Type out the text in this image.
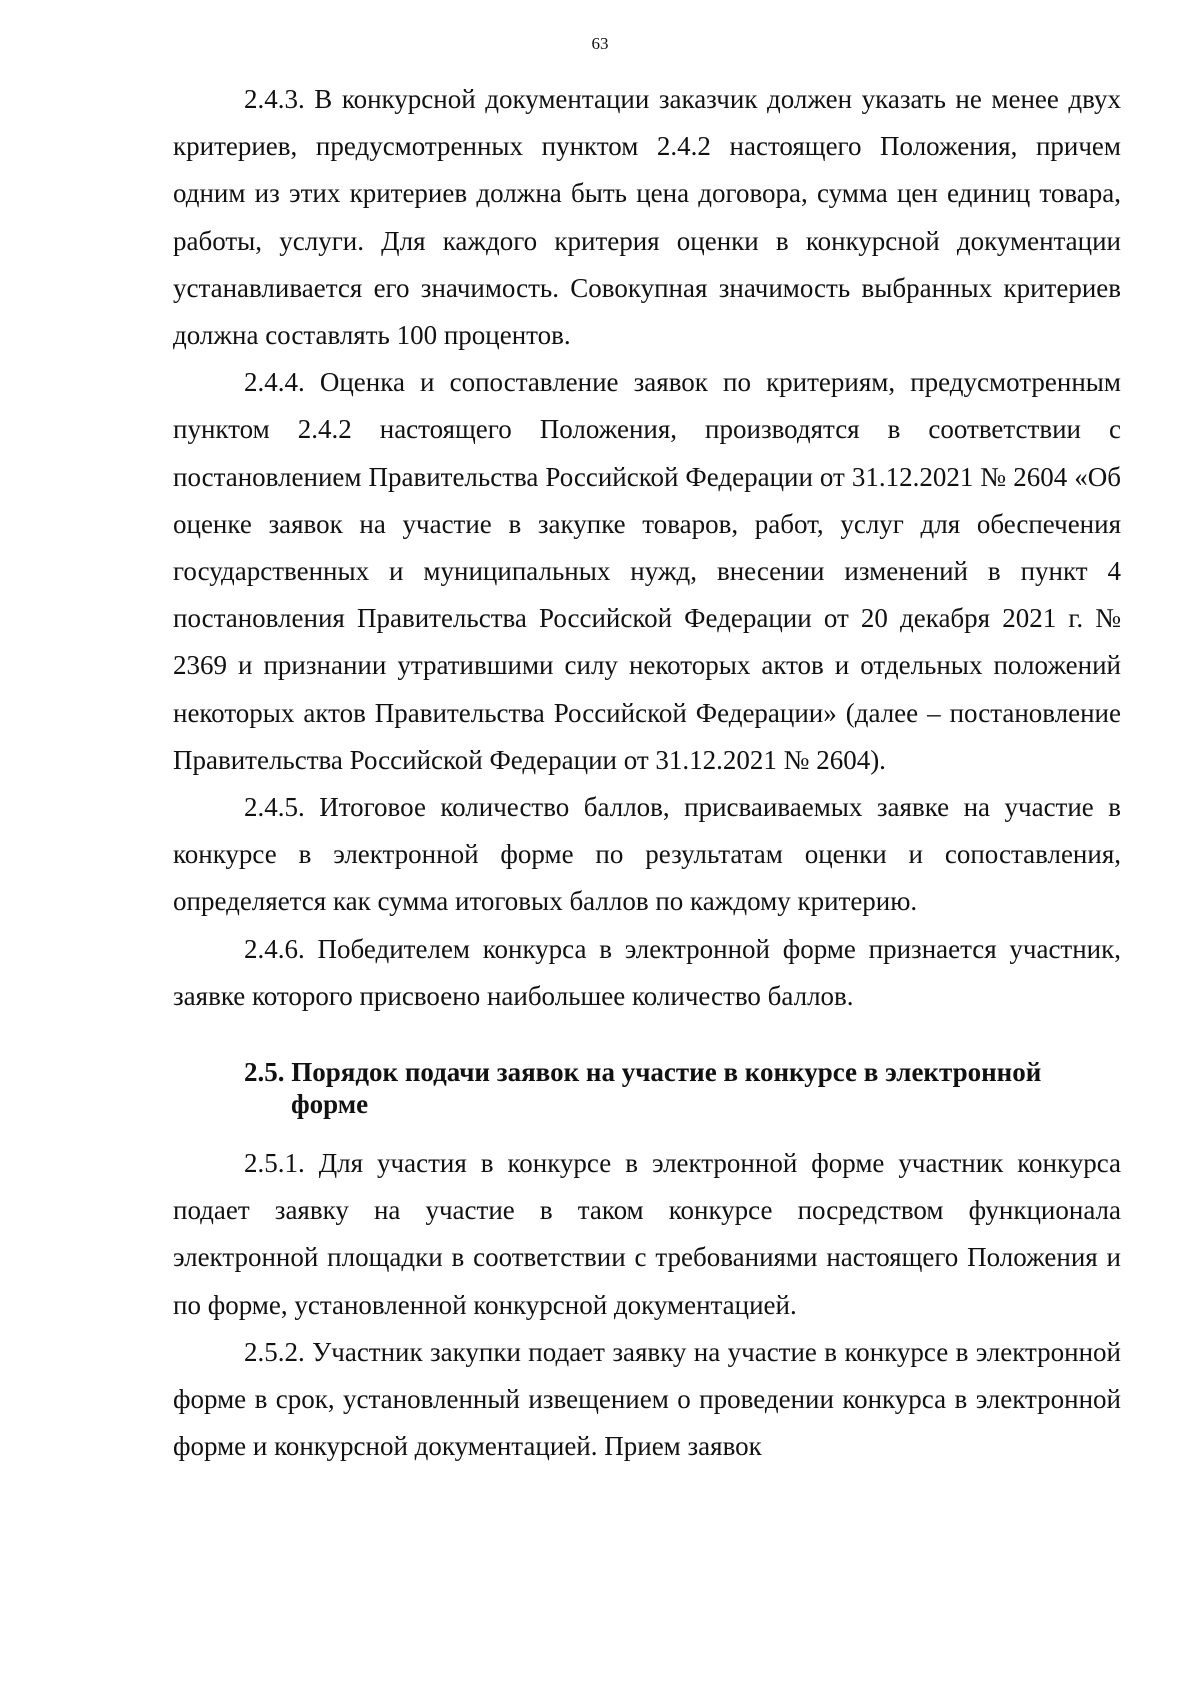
63

2.4.3. В конкурсной документации заказчик должен указать не менее двух критериев, предусмотренных пунктом 2.4.2 настоящего Положения, причем одним из этих критериев должна быть цена договора, сумма цен единиц товара, работы, услуги. Для каждого критерия оценки в конкурсной документации устанавливается его значимость. Совокупная значимость выбранных критериев должна составлять 100 процентов.

2.4.4. Оценка и сопоставление заявок по критериям, предусмотренным пунктом 2.4.2 настоящего Положения, производятся в соответствии с постановлением Правительства Российской Федерации от 31.12.2021 № 2604 «Об оценке заявок на участие в закупке товаров, работ, услуг для обеспечения государственных и муниципальных нужд, внесении изменений в пункт 4 постановления Правительства Российской Федерации от 20 декабря 2021 г. № 2369 и признании утратившими силу некоторых актов и отдельных положений некоторых актов Правительства Российской Федерации» (далее – постановление Правительства Российской Федерации от 31.12.2021 № 2604).

2.4.5. Итоговое количество баллов, присваиваемых заявке на участие в конкурсе в электронной форме по результатам оценки и сопоставления, определяется как сумма итоговых баллов по каждому критерию.

2.4.6. Победителем конкурса в электронной форме признается участник, заявке которого присвоено наибольшее количество баллов.

2.5. Порядок подачи заявок на участие в конкурсе в электронной
форме

2.5.1. Для участия в конкурсе в электронной форме участник конкурса подает заявку на участие в таком конкурсе посредством функционала электронной площадки в соответствии с требованиями настоящего Положения и по форме, установленной конкурсной документацией.

2.5.2. Участник закупки подает заявку на участие в конкурсе в электронной форме в срок, установленный извещением о проведении конкурса в электронной форме и конкурсной документацией. Прием заявок
